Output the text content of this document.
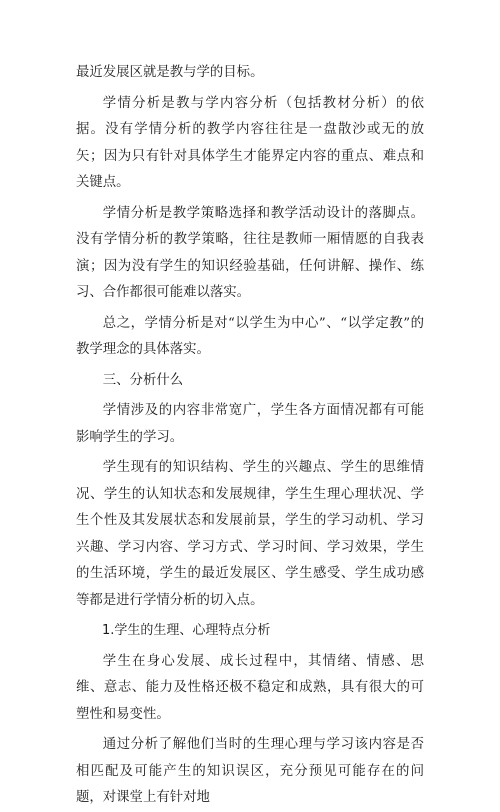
最近发展区就是教与学的目标。

学情分析是教与学内容分析（包括教材分析）的依据。没有学情分析的教学内容往往是一盘散沙或无的放矢；因为只有针对具体学生才能界定内容的重点、难点和关键点。

学情分析是教学策略选择和教学活动设计的落脚点。没有学情分析的教学策略，往往是教师一厢情愿的自我表演；因为没有学生的知识经验基础，任何讲解、操作、练习、合作都很可能难以落实。

总之，学情分析是对“以学生为中心”、“以学定教”的教学理念的具体落实。

三、分析什么

学情涉及的内容非常宽广，学生各方面情况都有可能影响学生的学习。

学生现有的知识结构、学生的兴趣点、学生的思维情况、学生的认知状态和发展规律，学生生理心理状况、学生个性及其发展状态和发展前景，学生的学习动机、学习兴趣、学习内容、学习方式、学习时间、学习效果，学生的生活环境，学生的最近发展区、学生感受、学生成功感等都是进行学情分析的切入点。

1.学生的生理、心理特点分析

学生在身心发展、成长过程中，其情绪、情感、思维、意志、能力及性格还极不稳定和成熟，具有很大的可塑性和易变性。

通过分析了解他们当时的生理心理与学习该内容是否相匹配及可能产生的知识误区，充分预见可能存在的问题，对课堂上有针对地
